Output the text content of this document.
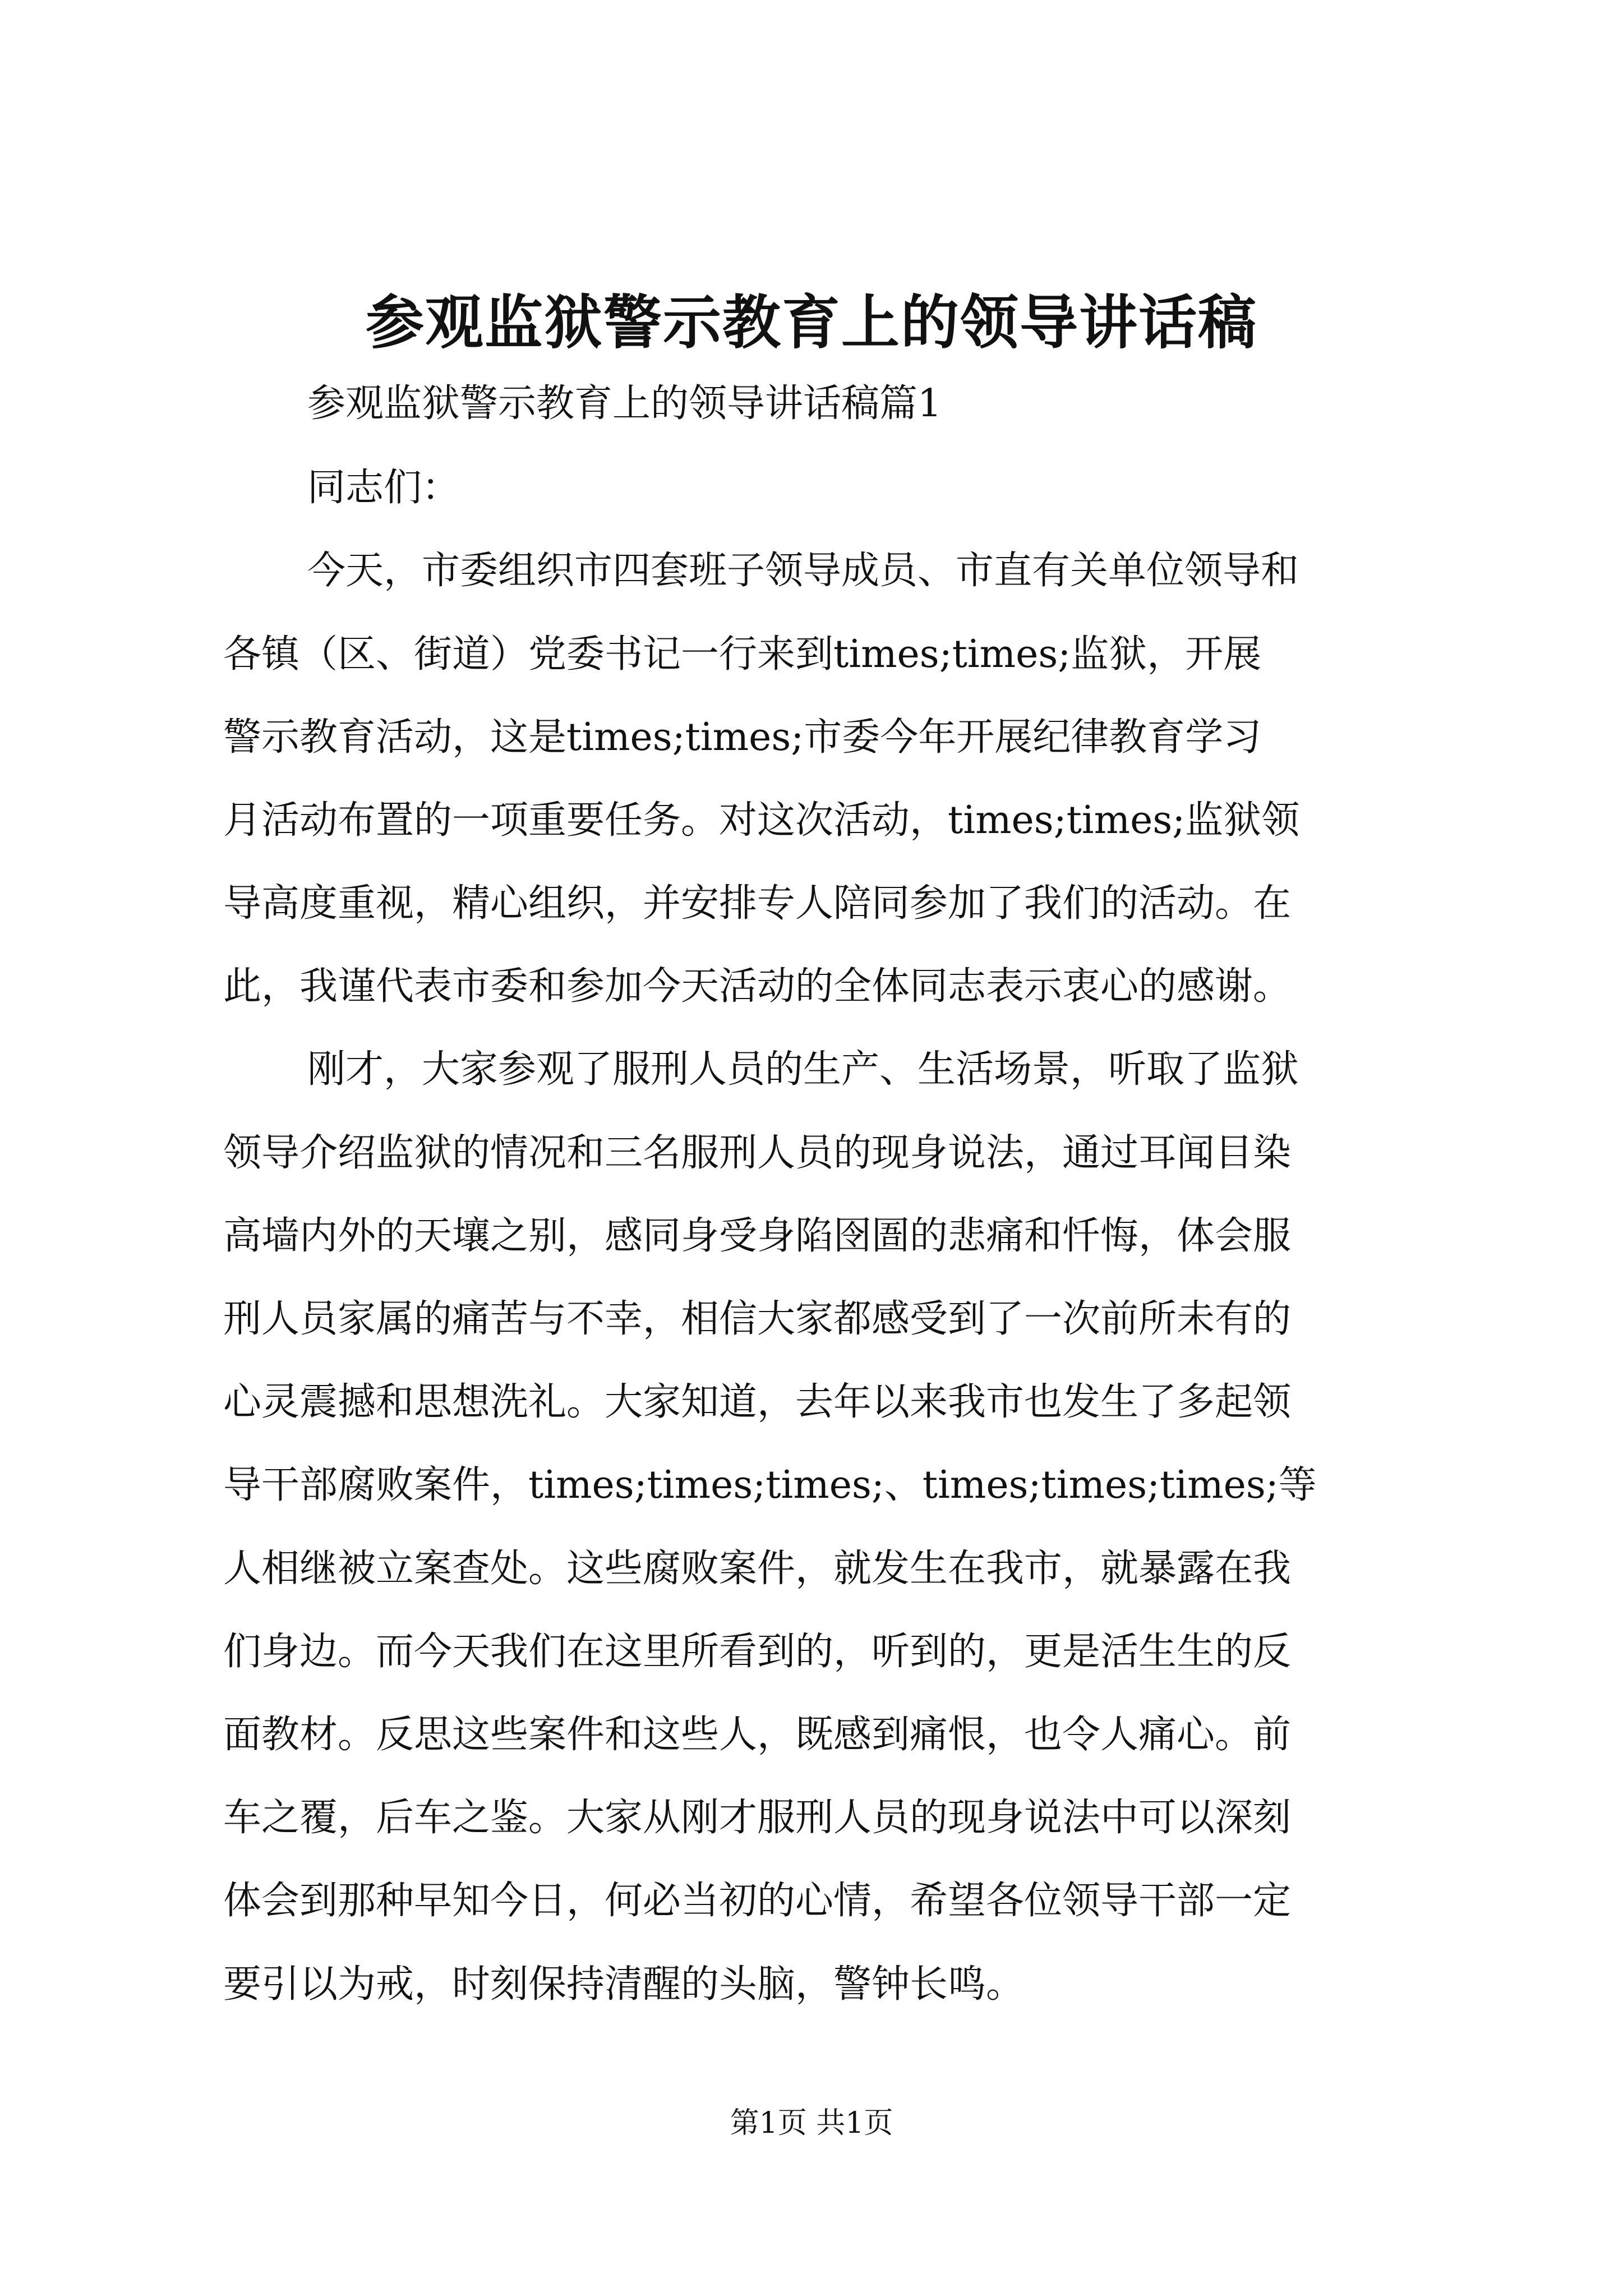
参观监狱警示教育上的领导讲话稿
参观监狱警示教育上的领导讲话稿篇1
同志们：
今天，市委组织市四套班子领导成员、市直有关单位领导和
各镇（区、街道）党委书记一行来到times;times;监狱，开展
警示教育活动，这是times;times;市委今年开展纪律教育学习
月活动布置的一项重要任务。对这次活动，times;times;监狱领
导高度重视，精心组织，并安排专人陪同参加了我们的活动。在
此，我谨代表市委和参加今天活动的全体同志表示衷心的感谢。
刚才，大家参观了服刑人员的生产、生活场景，听取了监狱
领导介绍监狱的情况和三名服刑人员的现身说法，通过耳闻目染
高墙内外的天壤之别，感同身受身陷囹圄的悲痛和忏悔，体会服
刑人员家属的痛苦与不幸，相信大家都感受到了一次前所未有的
心灵震撼和思想洗礼。大家知道，去年以来我市也发生了多起领
导干部腐败案件，times;times;times;、times;times;times;等
人相继被立案查处。这些腐败案件，就发生在我市，就暴露在我
们身边。而今天我们在这里所看到的，听到的，更是活生生的反
面教材。反思这些案件和这些人，既感到痛恨，也令人痛心。前
车之覆，后车之鉴。大家从刚才服刑人员的现身说法中可以深刻
体会到那种早知今日，何必当初的心情，希望各位领导干部一定
要引以为戒，时刻保持清醒的头脑，警钟长鸣。
第1页 共1页
